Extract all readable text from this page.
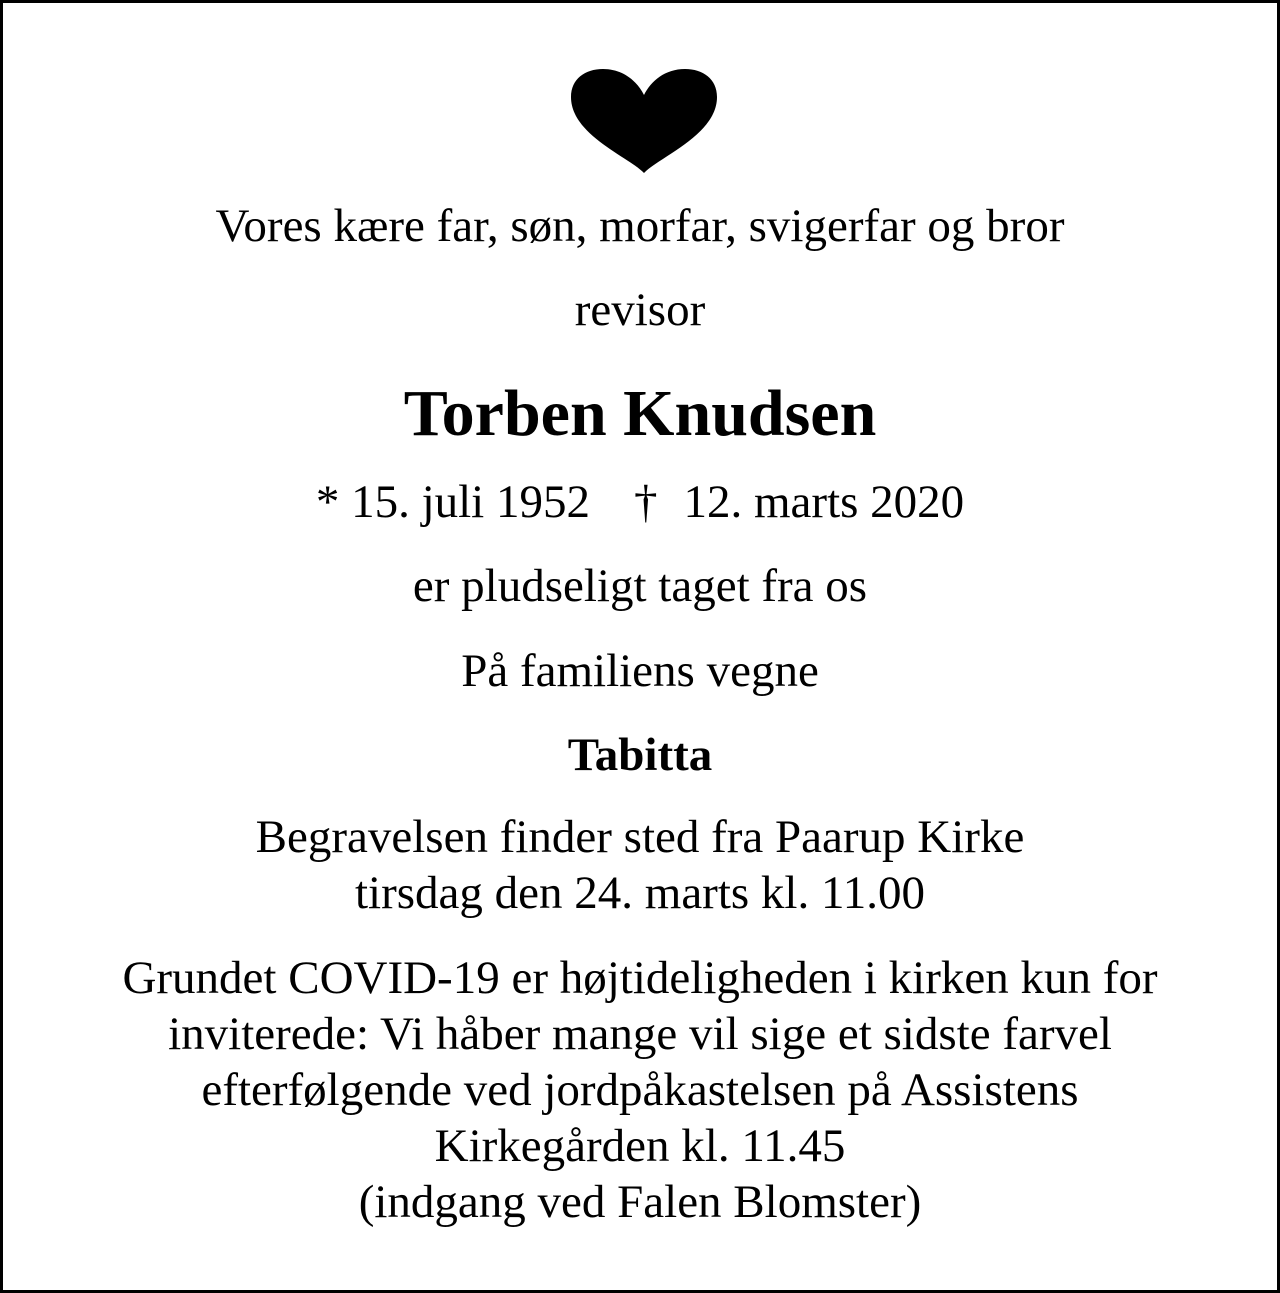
Vores kære far, søn, morfar, svigerfar og bror
revisor
Torben Knudsen
* 15. juli 1952 † 12. marts 2020
er pludseligt taget fra os
På familiens vegne
Tabitta
Begravelsen finder sted fra Paarup Kirke
tirsdag den 24. marts kl. 11.00
Grundet COVID-19 er højtideligheden i kirken kun for
inviterede: Vi håber mange vil sige et sidste farvel
efterfølgende ved jordpåkastelsen på Assistens
Kirkegården kl. 11.45
(indgang ved Falen Blomster)
